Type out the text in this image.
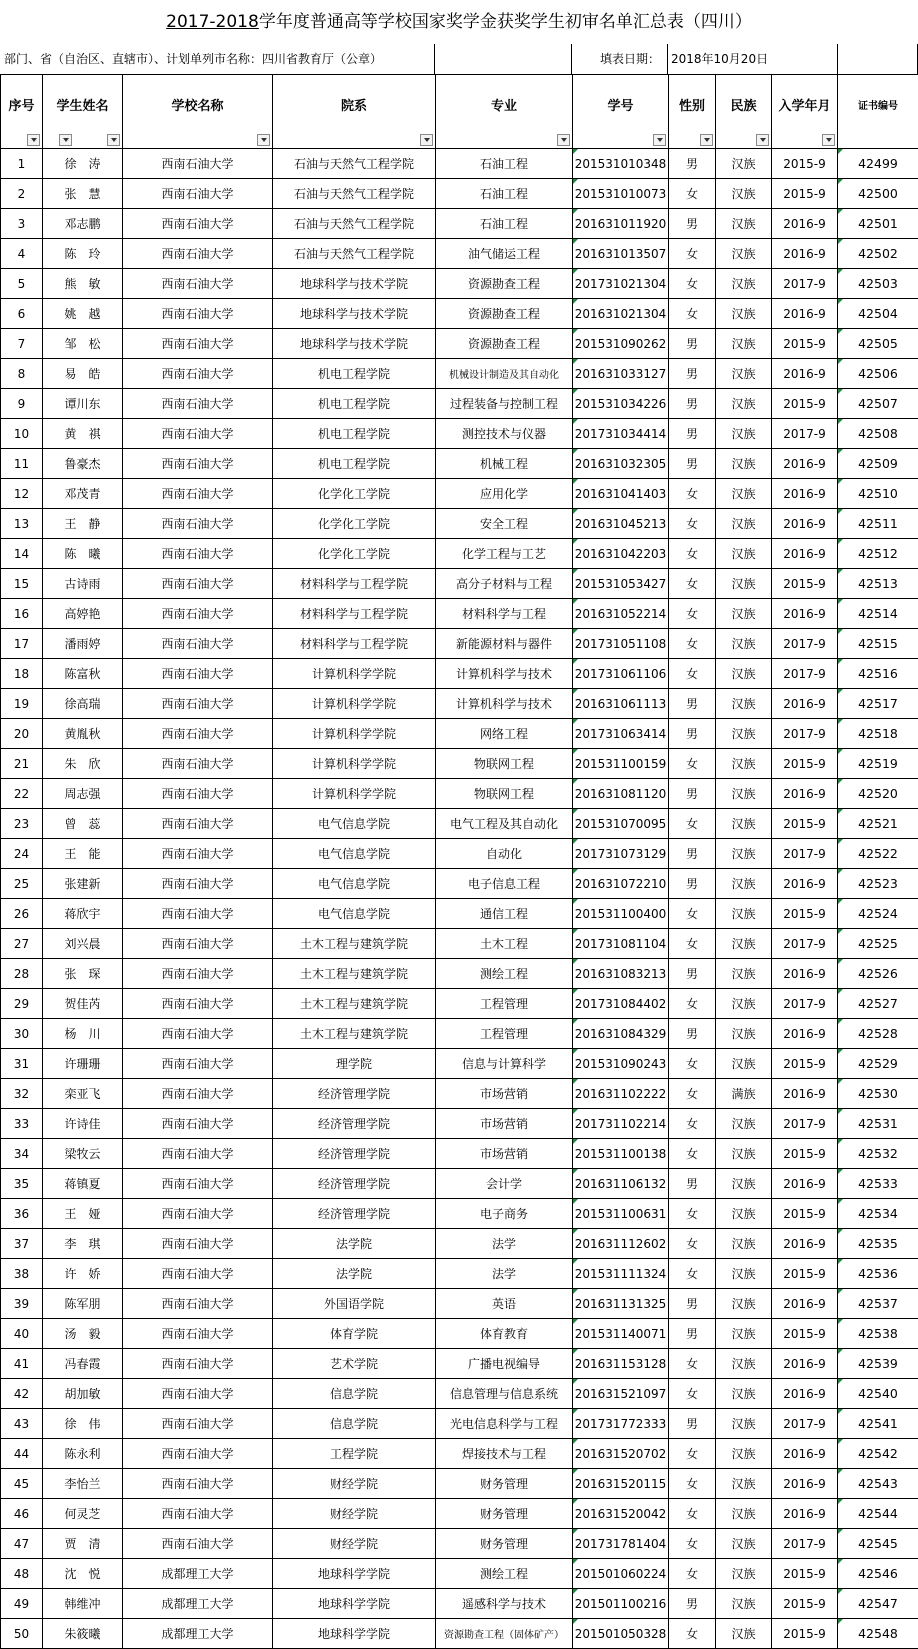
2017-2018学年度普通高等学校国家奖学金获奖学生初审名单汇总表（四川）
部门、省（自治区、直辖市）、计划单列市名称：四川省教育厅（公章）	填表日期： 2018年10月20日
序号	学生姓名	学校名称	院系	专业	学号	性别	民族	入学年月	证书编号

1	徐　涛	西南石油大学	石油与天然气工程学院	石油工程	201531010348	男	汉族	2015-9	42499
2	张　慧	西南石油大学	石油与天然气工程学院	石油工程	201531010073	女	汉族	2015-9	42500
3	邓志鹏	西南石油大学	石油与天然气工程学院	石油工程	201631011920	男	汉族	2016-9	42501
4	陈　玲	西南石油大学	石油与天然气工程学院	油气储运工程	201631013507	女	汉族	2016-9	42502
5	熊　敏	西南石油大学	地球科学与技术学院	资源勘查工程	201731021304	女	汉族	2017-9	42503
6	姚　越	西南石油大学	地球科学与技术学院	资源勘查工程	201631021304	女	汉族	2016-9	42504
7	邹　松	西南石油大学	地球科学与技术学院	资源勘查工程	201531090262	男	汉族	2015-9	42505
8	易　皓	西南石油大学	机电工程学院	机械设计制造及其自动化	201631033127	男	汉族	2016-9	42506
9	谭川东	西南石油大学	机电工程学院	过程装备与控制工程	201531034226	男	汉族	2015-9	42507
10	黄　祺	西南石油大学	机电工程学院	测控技术与仪器	201731034414	男	汉族	2017-9	42508
11	鲁豪杰	西南石油大学	机电工程学院	机械工程	201631032305	男	汉族	2016-9	42509
12	邓茂青	西南石油大学	化学化工学院	应用化学	201631041403	女	汉族	2016-9	42510
13	王　静	西南石油大学	化学化工学院	安全工程	201631045213	女	汉族	2016-9	42511
14	陈　曦	西南石油大学	化学化工学院	化学工程与工艺	201631042203	女	汉族	2016-9	42512
15	古诗雨	西南石油大学	材料科学与工程学院	高分子材料与工程	201531053427	女	汉族	2015-9	42513
16	高婷艳	西南石油大学	材料科学与工程学院	材料科学与工程	201631052214	女	汉族	2016-9	42514
17	潘雨婷	西南石油大学	材料科学与工程学院	新能源材料与器件	201731051108	女	汉族	2017-9	42515
18	陈富秋	西南石油大学	计算机科学学院	计算机科学与技术	201731061106	女	汉族	2017-9	42516
19	徐高瑞	西南石油大学	计算机科学学院	计算机科学与技术	201631061113	男	汉族	2016-9	42517
20	黄胤秋	西南石油大学	计算机科学学院	网络工程	201731063414	男	汉族	2017-9	42518
21	朱　欣	西南石油大学	计算机科学学院	物联网工程	201531100159	女	汉族	2015-9	42519
22	周志强	西南石油大学	计算机科学学院	物联网工程	201631081120	男	汉族	2016-9	42520
23	曾　蕊	西南石油大学	电气信息学院	电气工程及其自动化	201531070095	女	汉族	2015-9	42521
24	王　能	西南石油大学	电气信息学院	自动化	201731073129	男	汉族	2017-9	42522
25	张建新	西南石油大学	电气信息学院	电子信息工程	201631072210	男	汉族	2016-9	42523
26	蒋欣宇	西南石油大学	电气信息学院	通信工程	201531100400	女	汉族	2015-9	42524
27	刘兴晨	西南石油大学	土木工程与建筑学院	土木工程	201731081104	女	汉族	2017-9	42525
28	张　琛	西南石油大学	土木工程与建筑学院	测绘工程	201631083213	男	汉族	2016-9	42526
29	贺佳芮	西南石油大学	土木工程与建筑学院	工程管理	201731084402	女	汉族	2017-9	42527
30	杨　川	西南石油大学	土木工程与建筑学院	工程管理	201631084329	男	汉族	2016-9	42528
31	许珊珊	西南石油大学	理学院	信息与计算科学	201531090243	女	汉族	2015-9	42529
32	栾亚飞	西南石油大学	经济管理学院	市场营销	201631102222	女	满族	2016-9	42530
33	许诗佳	西南石油大学	经济管理学院	市场营销	201731102214	女	汉族	2017-9	42531
34	梁牧云	西南石油大学	经济管理学院	市场营销	201531100138	女	汉族	2015-9	42532
35	蒋镇夏	西南石油大学	经济管理学院	会计学	201631106132	男	汉族	2016-9	42533
36	王　娅	西南石油大学	经济管理学院	电子商务	201531100631	女	汉族	2015-9	42534
37	李　琪	西南石油大学	法学院	法学	201631112602	女	汉族	2016-9	42535
38	许　娇	西南石油大学	法学院	法学	201531111324	女	汉族	2015-9	42536
39	陈军朋	西南石油大学	外国语学院	英语	201631131325	男	汉族	2016-9	42537
40	汤　毅	西南石油大学	体育学院	体育教育	201531140071	男	汉族	2015-9	42538
41	冯春霞	西南石油大学	艺术学院	广播电视编导	201631153128	女	汉族	2016-9	42539
42	胡加敏	西南石油大学	信息学院	信息管理与信息系统	201631521097	女	汉族	2016-9	42540
43	徐　伟	西南石油大学	信息学院	光电信息科学与工程	201731772333	男	汉族	2017-9	42541
44	陈永利	西南石油大学	工程学院	焊接技术与工程	201631520702	女	汉族	2016-9	42542
45	李怡兰	西南石油大学	财经学院	财务管理	201631520115	女	汉族	2016-9	42543
46	何灵芝	西南石油大学	财经学院	财务管理	201631520042	女	汉族	2016-9	42544
47	贾　清	西南石油大学	财经学院	财务管理	201731781404	女	汉族	2017-9	42545
48	沈　悦	成都理工大学	地球科学学院	测绘工程	201501060224	女	汉族	2015-9	42546
49	韩维冲	成都理工大学	地球科学学院	遥感科学与技术	201501100216	男	汉族	2015-9	42547
50	朱筱曦	成都理工大学	地球科学学院	资源勘查工程（固体矿产）	201501050328	女	汉族	2015-9	42548
